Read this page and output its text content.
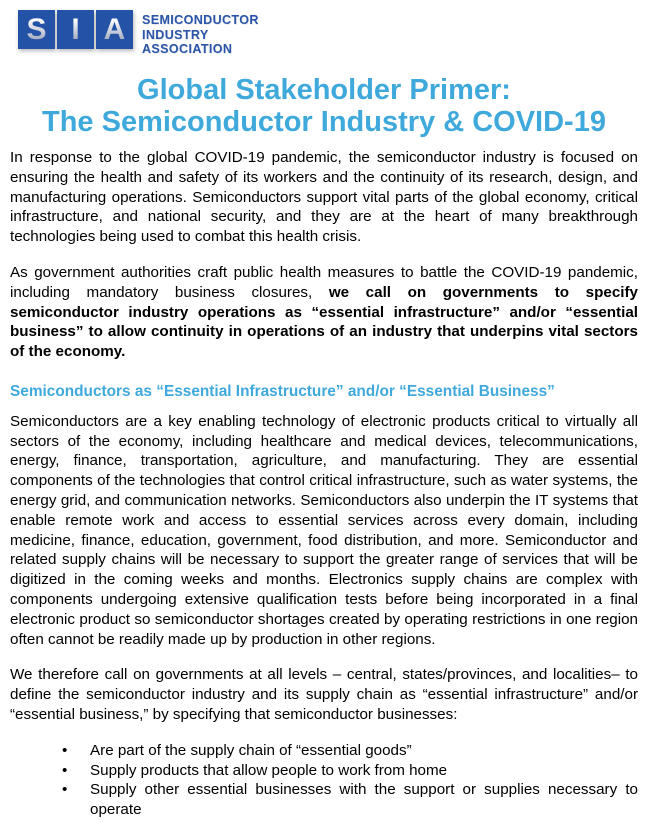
S I A SEMICONDUCTOR
INDUSTRY
ASSOCIATION
Global Stakeholder Primer:
The Semiconductor Industry & COVID-19

In response to the global COVID-19 pandemic, the semiconductor industry is focused on ensuring the health and safety of its workers and the continuity of its research, design, and manufacturing operations. Semiconductors support vital parts of the global economy, critical infrastructure, and national security, and they are at the heart of many breakthrough technologies being used to combat this health crisis.

As government authorities craft public health measures to battle the COVID-19 pandemic, including mandatory business closures, we call on governments to specify semiconductor industry operations as “essential infrastructure” and/or “essential business” to allow continuity in operations of an industry that underpins vital sectors of the economy.

Semiconductors as “Essential Infrastructure” and/or “Essential Business”

Semiconductors are a key enabling technology of electronic products critical to virtually all sectors of the economy, including healthcare and medical devices, telecommunications, energy, finance, transportation, agriculture, and manufacturing. They are essential components of the technologies that control critical infrastructure, such as water systems, the energy grid, and communication networks. Semiconductors also underpin the IT systems that enable remote work and access to essential services across every domain, including medicine, finance, education, government, food distribution, and more. Semiconductor and related supply chains will be necessary to support the greater range of services that will be digitized in the coming weeks and months. Electronics supply chains are complex with components undergoing extensive qualification tests before being incorporated in a final electronic product so semiconductor shortages created by operating restrictions in one region often cannot be readily made up by production in other regions.

We therefore call on governments at all levels – central, states/provinces, and localities– to define the semiconductor industry and its supply chain as “essential infrastructure” and/or “essential business,” by specifying that semiconductor businesses:

•
Are part of the supply chain of “essential goods”
•
Supply products that allow people to work from home
•
Supply other essential businesses with the support or supplies necessary to operate
